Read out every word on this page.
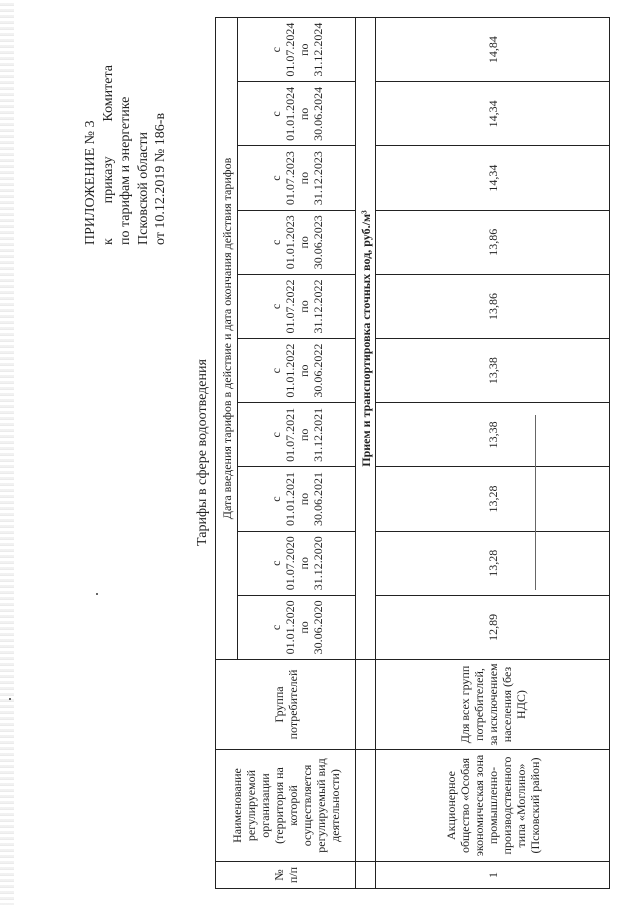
ПРИЛОЖЕНИЕ № 3 к
приказу
Комитета
по тарифам и энергетике Псковской области от 10.12.2019 № 186-в
Тарифы в сфере водоотведения
№ п/п	Наименование регулируемой организации (территория на которой осуществляется регулируемый вид деятельности)	Группа потребителей	Дата введения тарифов в действие и дата окончания действия тарифов									
			с 01.01.2020 по 30.06.2020	с 01.07.2020 по 31.12.2020	с 01.01.2021 по 30.06.2021	с 01.07.2021 по 31.12.2021	с 01.01.2022 по 30.06.2022	с 01.07.2022 по 31.12.2022	с 01.01.2023 по 30.06.2023	с 01.07.2023 по 31.12.2023	с 01.01.2024 по 30.06.2024	с 01.07.2024 по 31.12.2024
			Прием и транспортировка сточных вод, руб./м³									
1	Акционерное общество «Особая экономическая зона промышленно-производственного типа «Моглино» (Псковский район)	Для всех групп потребителей, за исключением населения (без НДС)	12,89	13,28	13,28	13,38	13,38	13,86	13,86	14,34	14,34	14,84
